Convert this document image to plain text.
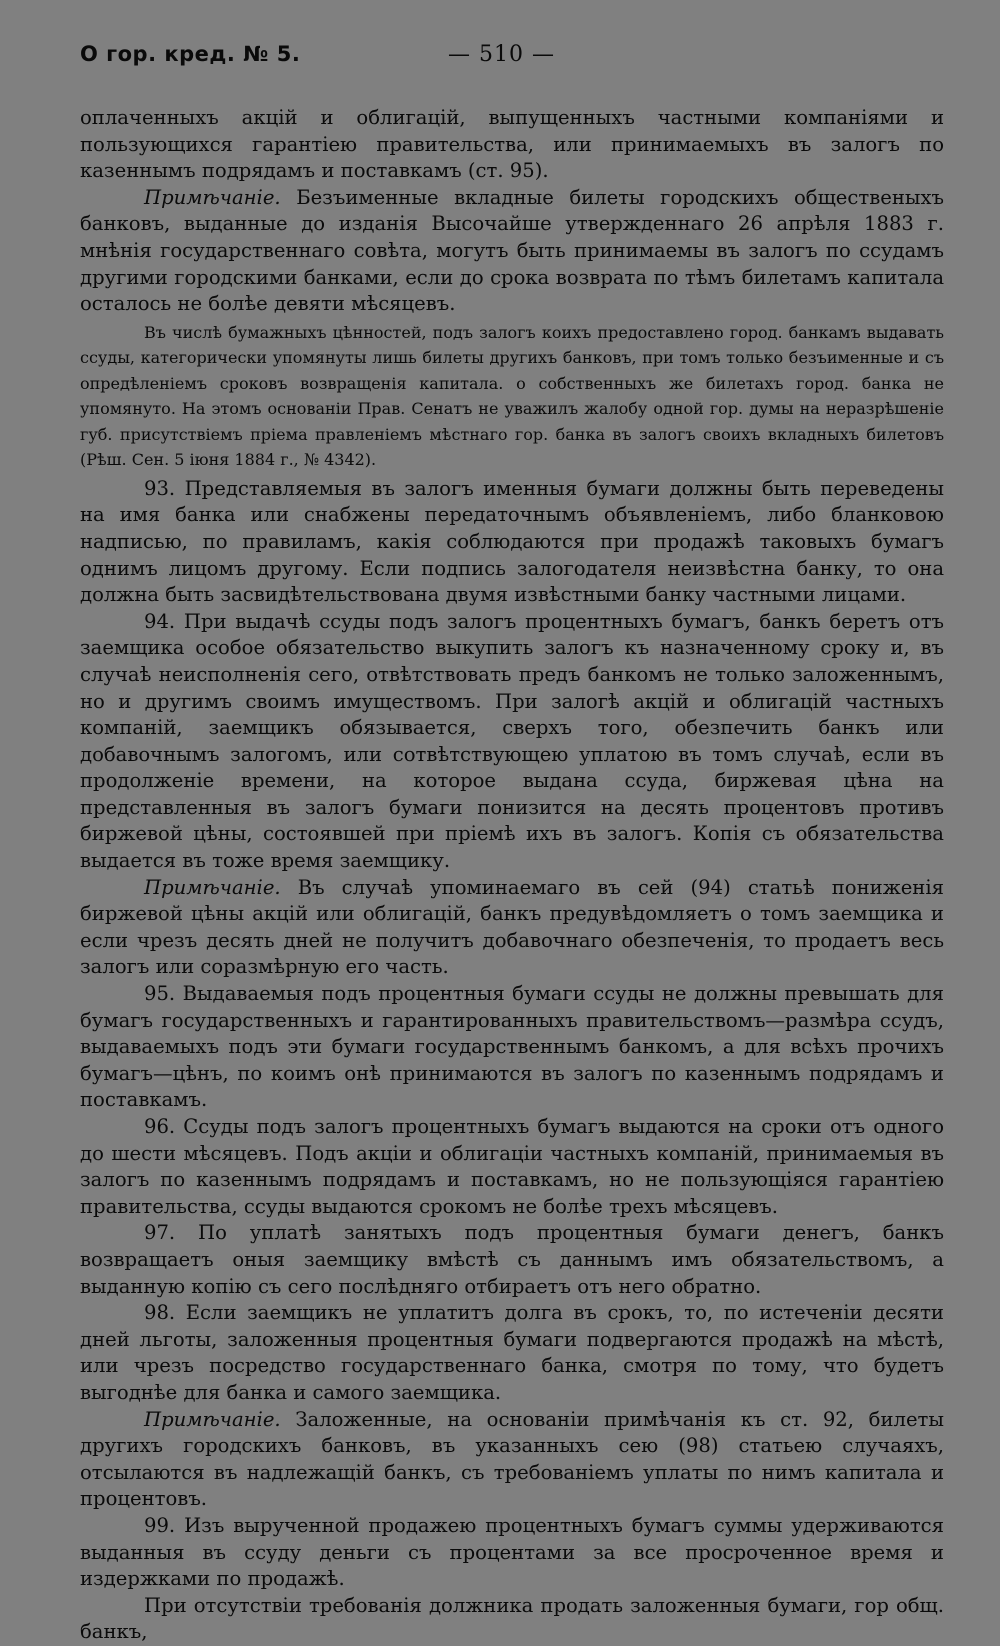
О гор. кред. № 5.	— 510 —

оплаченныхъ акцій и облигацій, выпущенныхъ частными компаніями и пользующихся гарантіею правительства, или принимаемыхъ въ залогъ по казеннымъ подрядамъ и поставкамъ (ст. 95).

Примѣчаніе. Безъименные вкладные билеты городскихъ общественыхъ банковъ, выданные до изданія Высочайше утвержденнаго 26 апрѣля 1883 г. мнѣнія государственнаго совѣта, могутъ быть принимаемы въ залогъ по ссудамъ другими городскими банками, если до срока возврата по тѣмъ билетамъ капитала осталось не болѣе девяти мѣсяцевъ.

Въ числѣ бумажныхъ цѣнностей, подъ залогъ коихъ предоставлено город. банкамъ выдавать ссуды, категорически упомянуты лишь билеты другихъ банковъ, при томъ только безъименные и съ опредѣленіемъ сроковъ возвращенія капитала. о собственныхъ же билетахъ город. банка не упомянуто. На этомъ основаніи Прав. Сенатъ не уважилъ жалобу одной гор. думы на неразрѣшеніе губ. присутствіемъ пріема правленіемъ мѣстнаго гор. банка въ залогъ своихъ вкладныхъ билетовъ (Рѣш. Сен. 5 іюня 1884 г., № 4342).

93. Представляемыя въ залогъ именныя бумаги должны быть переведены на имя банка или снабжены передаточнымъ объявленіемъ, либо бланковою надписью, по правиламъ, какія соблюдаются при продажѣ таковыхъ бумагъ однимъ лицомъ другому. Если подпись залогодателя неизвѣстна банку, то она должна быть засвидѣтельствована двумя извѣстными банку частными лицами.

94. При выдачѣ ссуды подъ залогъ процентныхъ бумагъ, банкъ беретъ отъ заемщика особое обязательство выкупить залогъ къ назначенному сроку и, въ случаѣ неисполненія сего, отвѣтствовать предъ банкомъ не только заложеннымъ, но и другимъ своимъ имуществомъ. При залогѣ акцій и облигацій частныхъ компаній, заемщикъ обязывается, сверхъ того, обезпечить банкъ или добавочнымъ залогомъ, или сотвѣтствующею уплатою въ томъ случаѣ, если въ продолженіе времени, на которое выдана ссуда, биржевая цѣна на представленныя въ залогъ бумаги понизится на десять процентовъ противъ биржевой цѣны, состоявшей при пріемѣ ихъ въ залогъ. Копія съ обязательства выдается въ тоже время заемщику.

Примѣчаніе. Въ случаѣ упоминаемаго въ сей (94) статьѣ пониженія биржевой цѣны акцій или облигацій, банкъ предувѣдомляетъ о томъ заемщика и если чрезъ десять дней не получитъ добавочнаго обезпеченія, то продаетъ весь залогъ или соразмѣрную его часть.

95. Выдаваемыя подъ процентныя бумаги ссуды не должны превышать для бумагъ государственныхъ и гарантированныхъ правительствомъ—размѣра ссудъ, выдаваемыхъ подъ эти бумаги государственнымъ банкомъ, а для всѣхъ прочихъ бумагъ—цѣнъ, по коимъ онѣ принимаются въ залогъ по казеннымъ подрядамъ и поставкамъ.

96. Ссуды подъ залогъ процентныхъ бумагъ выдаются на сроки отъ одного до шести мѣсяцевъ. Подъ акціи и облигаціи частныхъ компаній, принимаемыя въ залогъ по казеннымъ подрядамъ и поставкамъ, но не пользующіяся гарантіею правительства, ссуды выдаются срокомъ не болѣе трехъ мѣсяцевъ.

97. По уплатѣ занятыхъ подъ процентныя бумаги денегъ, банкъ возвращаетъ оныя заемщику вмѣстѣ съ даннымъ имъ обязательствомъ, а выданную копію съ сего послѣдняго отбираетъ отъ него обратно.

98. Если заемщикъ не уплатитъ долга въ срокъ, то, по истеченіи десяти дней льготы, заложенныя процентныя бумаги подвергаются продажѣ на мѣстѣ, или чрезъ посредство государственнаго банка, смотря по тому, что будетъ выгоднѣе для банка и самого заемщика.

Примѣчаніе. Заложенные, на основаніи примѣчанія къ ст. 92, билеты другихъ городскихъ банковъ, въ указанныхъ сею (98) статьею случаяхъ, отсылаются въ надлежащій банкъ, съ требованіемъ уплаты по нимъ капитала и процентовъ.

99. Изъ вырученной продажею процентныхъ бумагъ суммы удерживаются выданныя въ ссуду деньги съ процентами за все просроченное время и издержками по продажѣ.

При отсутствіи требованія должника продать заложенныя бумаги, гор общ. банкъ,
